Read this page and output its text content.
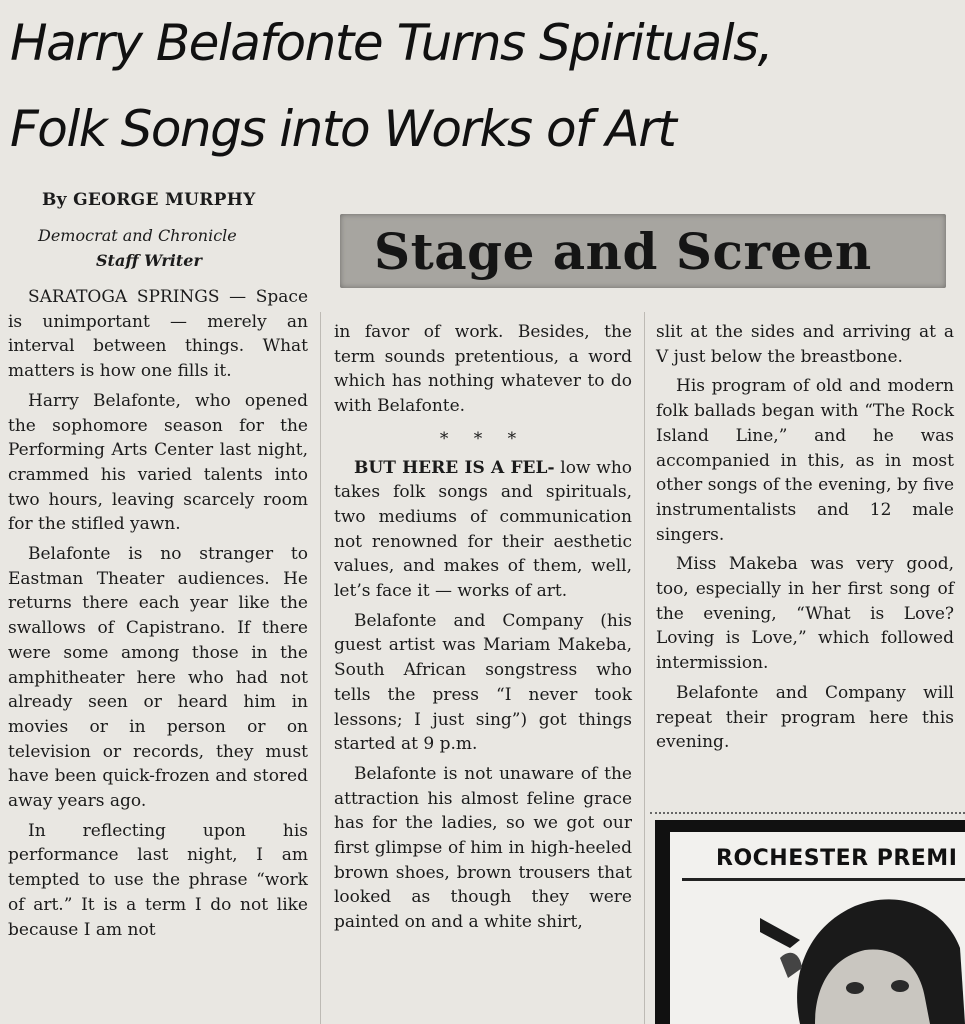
Harry Belafonte Turns Spirituals,
Folk Songs into Works of Art
By GEORGE MURPHY
Democrat and Chronicle
Staff Writer	Stage and Screen

SARATOGA SPRINGS — Space is unimportant — merely an interval between things. What matters is how one fills it.

Harry Belafonte, who opened the sophomore season for the Performing Arts Center last night, crammed his varied talents into two hours, leaving scarcely room for the stifled yawn.

Belafonte is no stranger to Eastman Theater audiences. He returns there each year like the swallows of Capistrano. If there were some among those in the amphitheater here who had not already seen or heard him in movies or in person or on television or records, they must have been quick-frozen and stored away years ago.

In reflecting upon his performance last night, I am tempted to use the phrase “work of art.” It is a term I do not like because I am not

in favor of work. Besides, the term sounds pretentious, a word which has nothing whatever to do with Belafonte.

* * *

BUT HERE IS A FEL- low who takes folk songs and spirituals, two mediums of communication not renowned for their aesthetic values, and makes of them, well, let’s face it — works of art.

Belafonte and Company (his guest artist was Mariam Makeba, South African songstress who tells the press “I never took lessons; I just sing”) got things started at 9 p.m.

Belafonte is not unaware of the attraction his almost feline grace has for the ladies, so we got our first glimpse of him in high-heeled brown shoes, brown trousers that looked as though they were painted on and a white shirt,

slit at the sides and arriving at a V just below the breastbone.

His program of old and modern folk ballads began with “The Rock Island Line,” and he was accompanied in this, as in most other songs of the evening, by five instrumentalists and 12 male singers.

Miss Makeba was very good, too, especially in her first song of the evening, “What is Love? Loving is Love,” which followed intermission.

Belafonte and Company will repeat their program here this evening.

ROCHESTER PREMI
